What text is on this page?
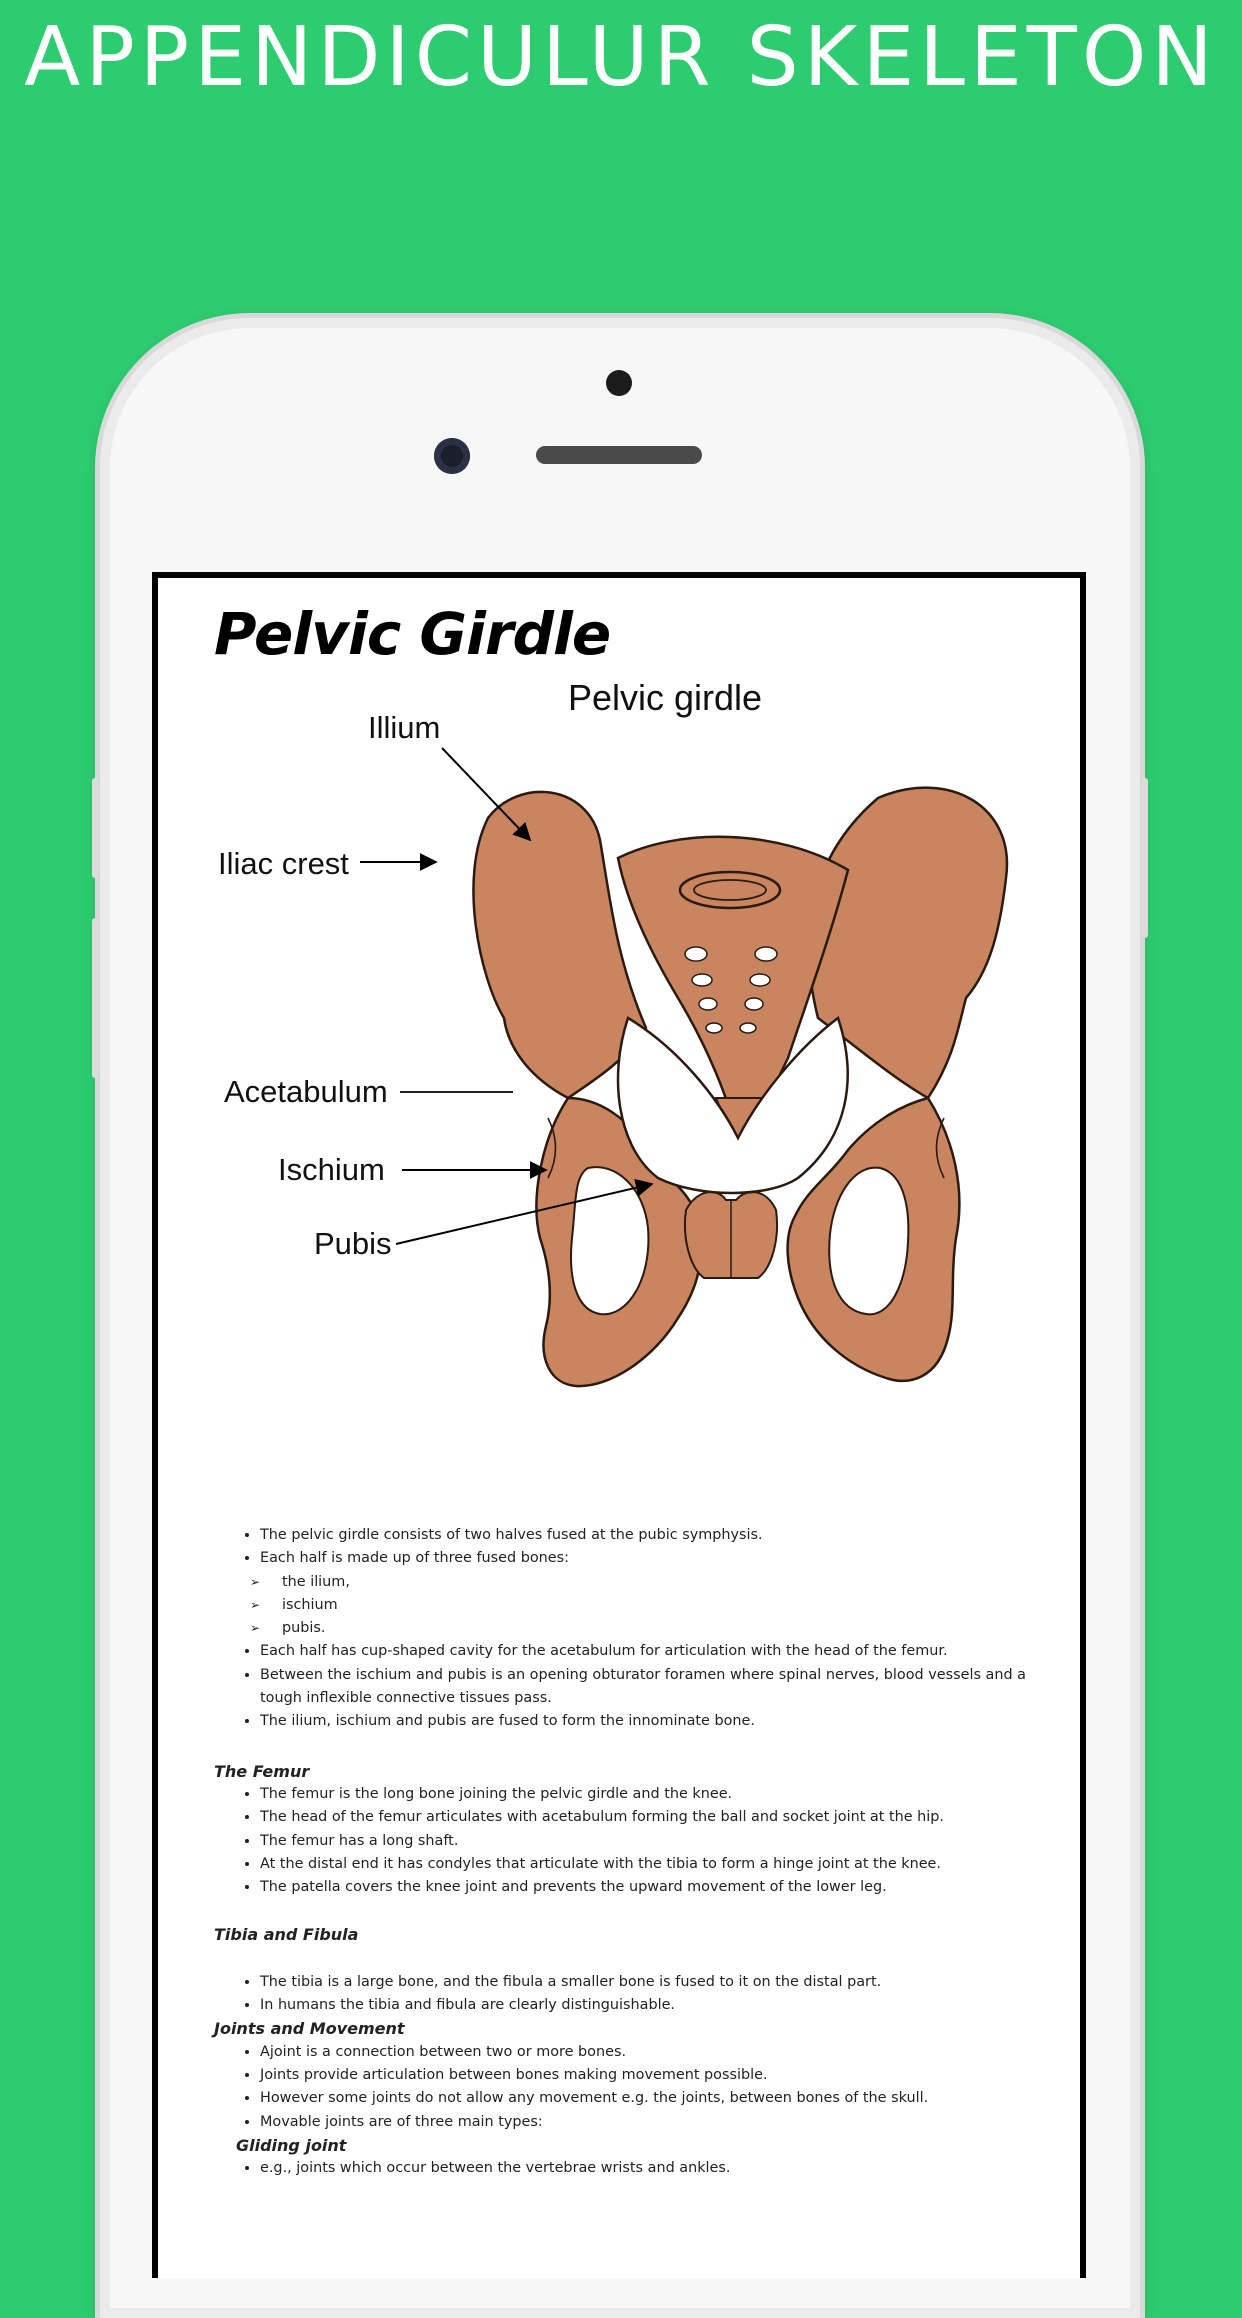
APPENDICULUR SKELETON
Pelvic Girdle
Pelvic girdle
Illium
Iliac crest
Acetabulum
Ischium
Pubis
• The pelvic girdle consists of two halves fused at the pubic symphysis.
• Each half is made up of three fused bones:
➢ the ilium,
➢ ischium
➢ pubis.
• Each half has cup-shaped cavity for the acetabulum for articulation with the head of the femur.
• Between the ischium and pubis is an opening obturator foramen where spinal nerves, blood vessels and a tough inflexible connective tissues pass.
• The ilium, ischium and pubis are fused to form the innominate bone.

The Femur

• The femur is the long bone joining the pelvic girdle and the knee.
• The head of the femur articulates with acetabulum forming the ball and socket joint at the hip.
• The femur has a long shaft.
• At the distal end it has condyles that articulate with the tibia to form a hinge joint at the knee.
• The patella covers the knee joint and prevents the upward movement of the lower leg.

Tibia and Fibula

• The tibia is a large bone, and the fibula a smaller bone is fused to it on the distal part.
• In humans the tibia and fibula are clearly distinguishable.

Joints and Movement

• Ajoint is a connection between two or more bones.
• Joints provide articulation between bones making movement possible.
• However some joints do not allow any movement e.g. the joints, between bones of the skull.
• Movable joints are of three main types:

Gliding joint

• e.g., joints which occur between the vertebrae wrists and ankles.
